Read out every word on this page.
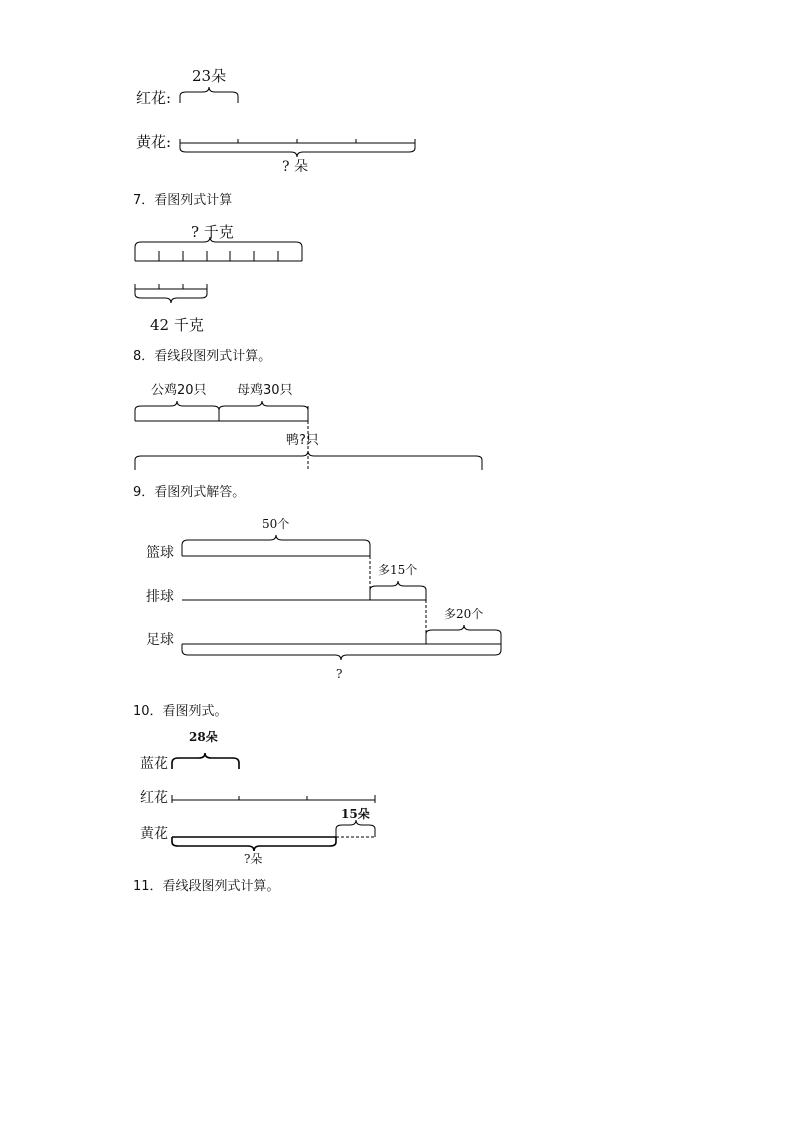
23朵
红花:
黄花:
? 朵
7．看图列式计算
? 千克
42 千克
8．看线段图列式计算。
公鸡20只 母鸡30只
鸭?只
9．看图列式解答。
50个
篮球
多15个
排球
多20个
足球
?
10．看图列式。
28朵
蓝花
红花
15朵
黄花
?朵
11．看线段图列式计算。
